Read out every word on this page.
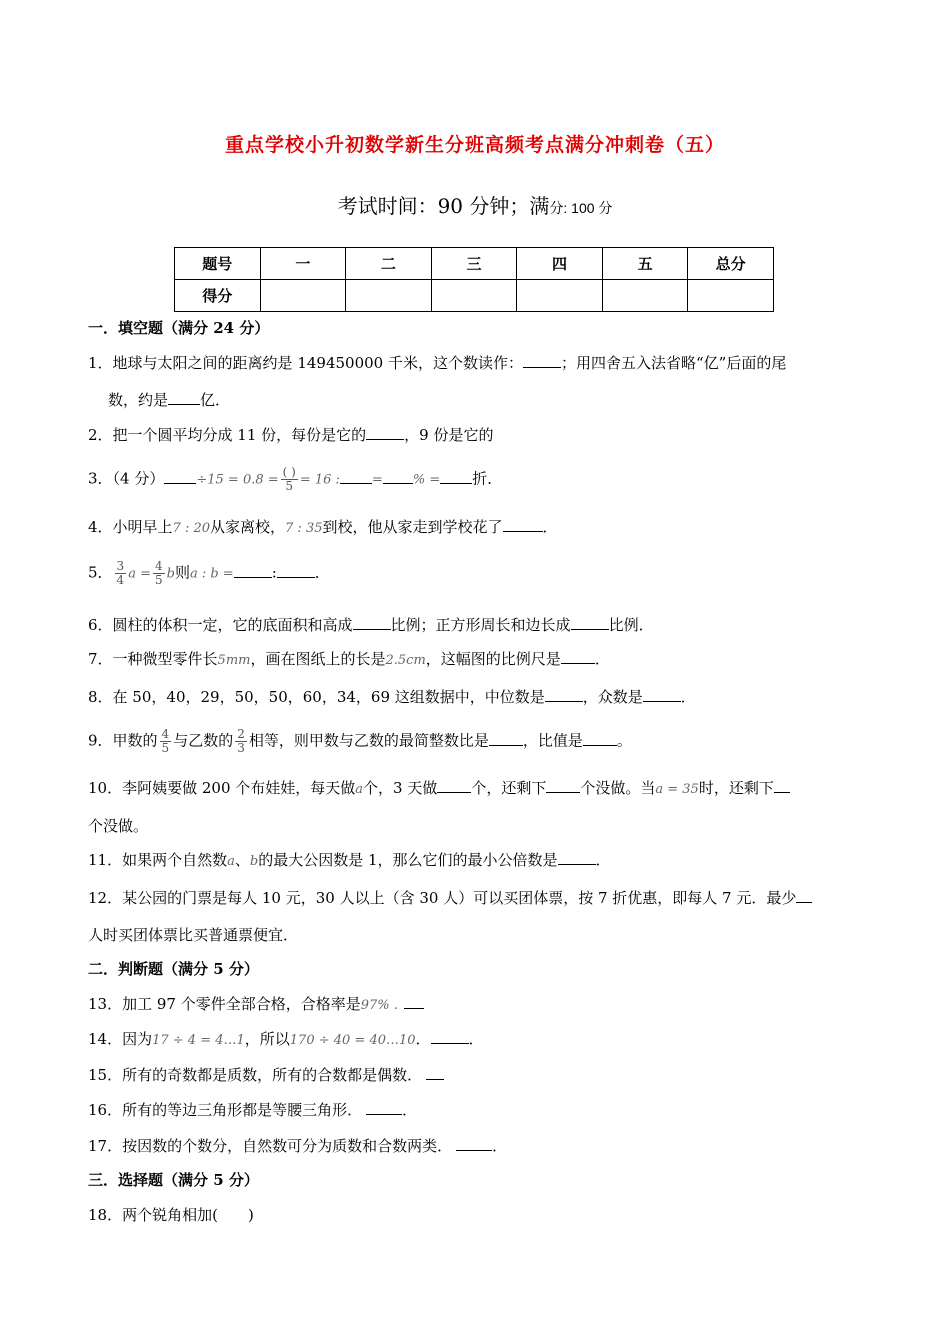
重点学校小升初数学新生分班高频考点满分冲刺卷（五）
考试时间：90 分钟；满分: 100 分
题号	一	二	三	四	五	总分
得分						
一．填空题（满分 24 分）
1．地球与太阳之间的距离约是 149450000 千米，这个数读作：	；用四舍五入法省略“亿”后面的尾
数，约是 亿．
2．把一个圆平均分成 11 份，每份是它的	，9 份是它的
3．（4 分） $\div 15 = 0.8 = \frac{( )}{5} = 16$ : = % = 折．
4．小明早上7 : 20从家离校，7 : 35到校，他从家走到学校花了	．
5． $\frac{3}{4}$ $a = \frac{4}{5}$ b则a : b =	:	．
6．圆柱的体积一定，它的底面积和高成	比例；正方形周长和边长成	比例．
7．一种微型零件长5mm，画在图纸上的长是2.5cm，这幅图的比例尺是 ．
8．在 50，40，29，50，50，60，34，69 这组数据中，中位数是	，众数是	．
9．甲数的 $\frac{4}{5}$ 与乙数的 $\frac{2}{3}$ 相等，则甲数与乙数的最简整数比是 ，比值是 。
10．李阿姨要做 200 个布娃娃，每天做a个，3 天做 个，还剩下 个没做。当a = 35时，还剩下
个没做。
11．如果两个自然数a、b的最大公因数是 1，那么它们的最小公倍数是	．
12．某公园的门票是每人 10 元，30 人以上（含 30 人）可以买团体票，按 7 折优惠，即每人 7 元．最少
人时买团体票比买普通票便宜．
二．判断题（满分 5 分）
13．加工 97 个零件全部合格，合格率是97% .
14．因为17 ÷ 4 = 4…1，所以170 ÷ 40 = 40…10．	．
15．所有的奇数都是质数，所有的合数都是偶数．
16．所有的等边三角形都是等腰三角形．	．
17．按因数的个数分，自然数可分为质数和合数两类．	．
三．选择题（满分 5 分）
18．两个锐角相加(　　)
